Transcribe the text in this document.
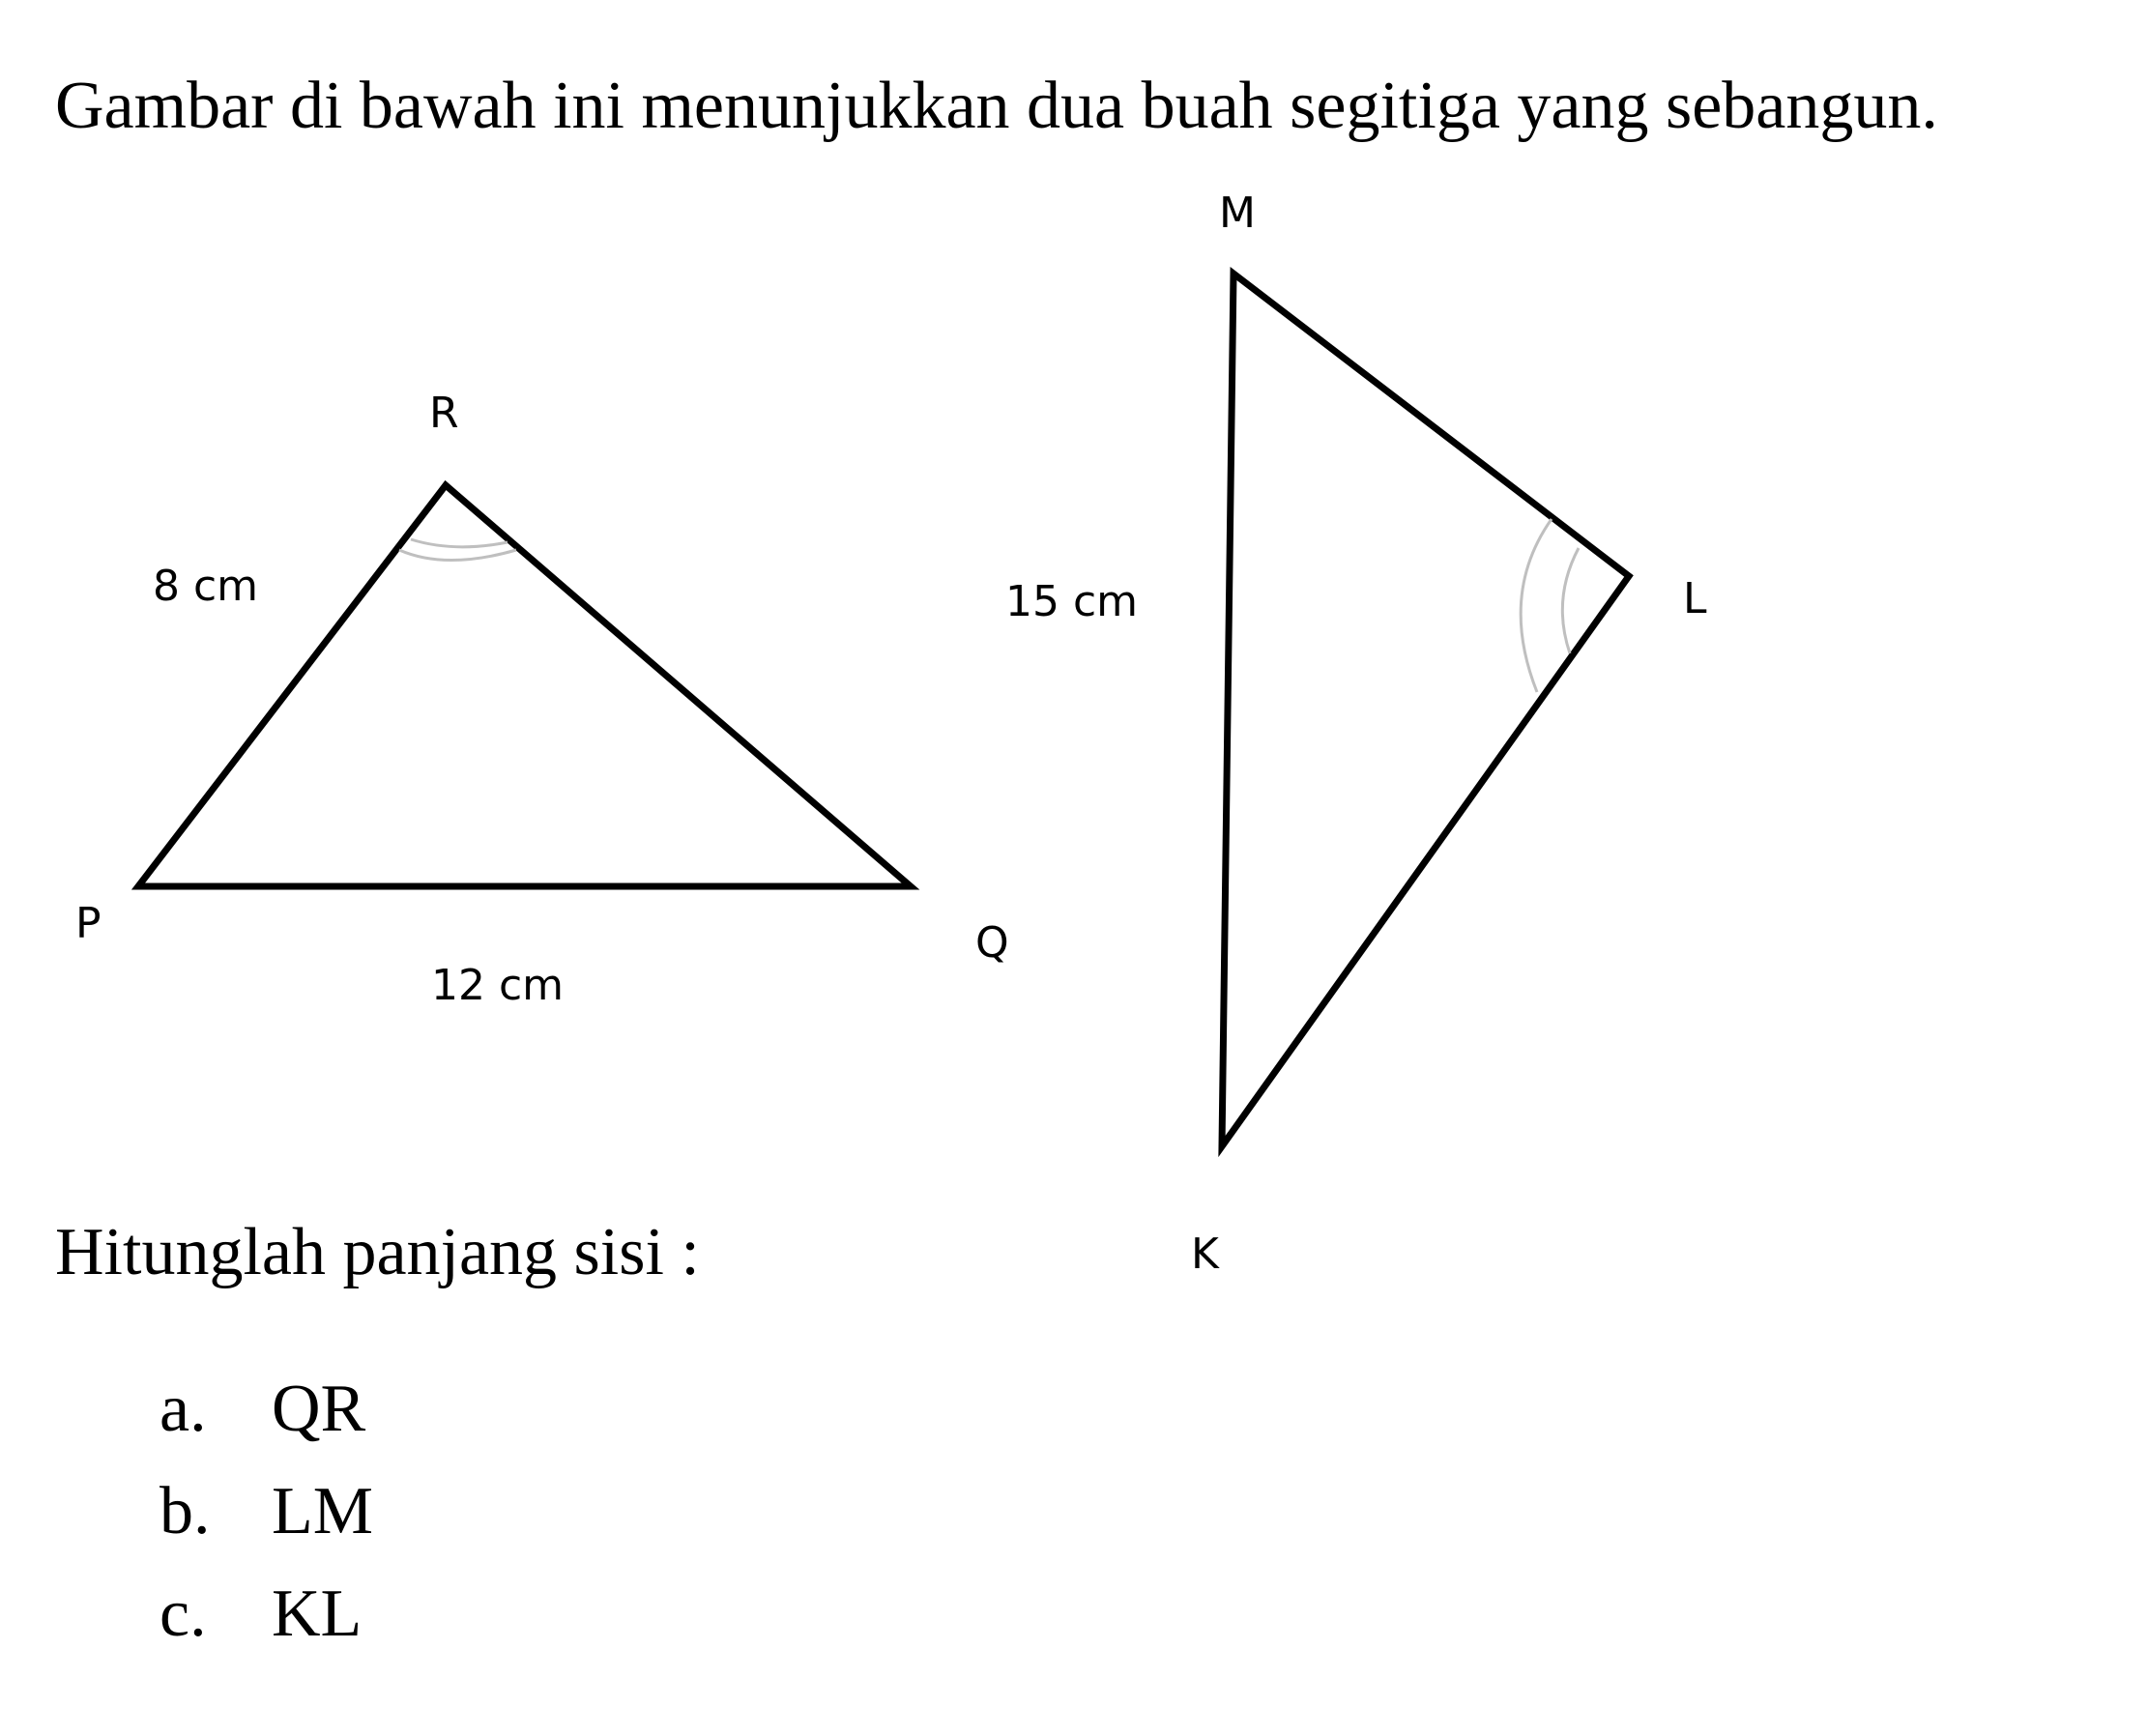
Gambar di bawah ini menunjukkan dua buah segitiga yang sebangun.

R
P	Q
8 cm
12 cm
M
L
K
15 cm

Hitunglah panjang sisi :

a. QR
b. LM
c. KL
